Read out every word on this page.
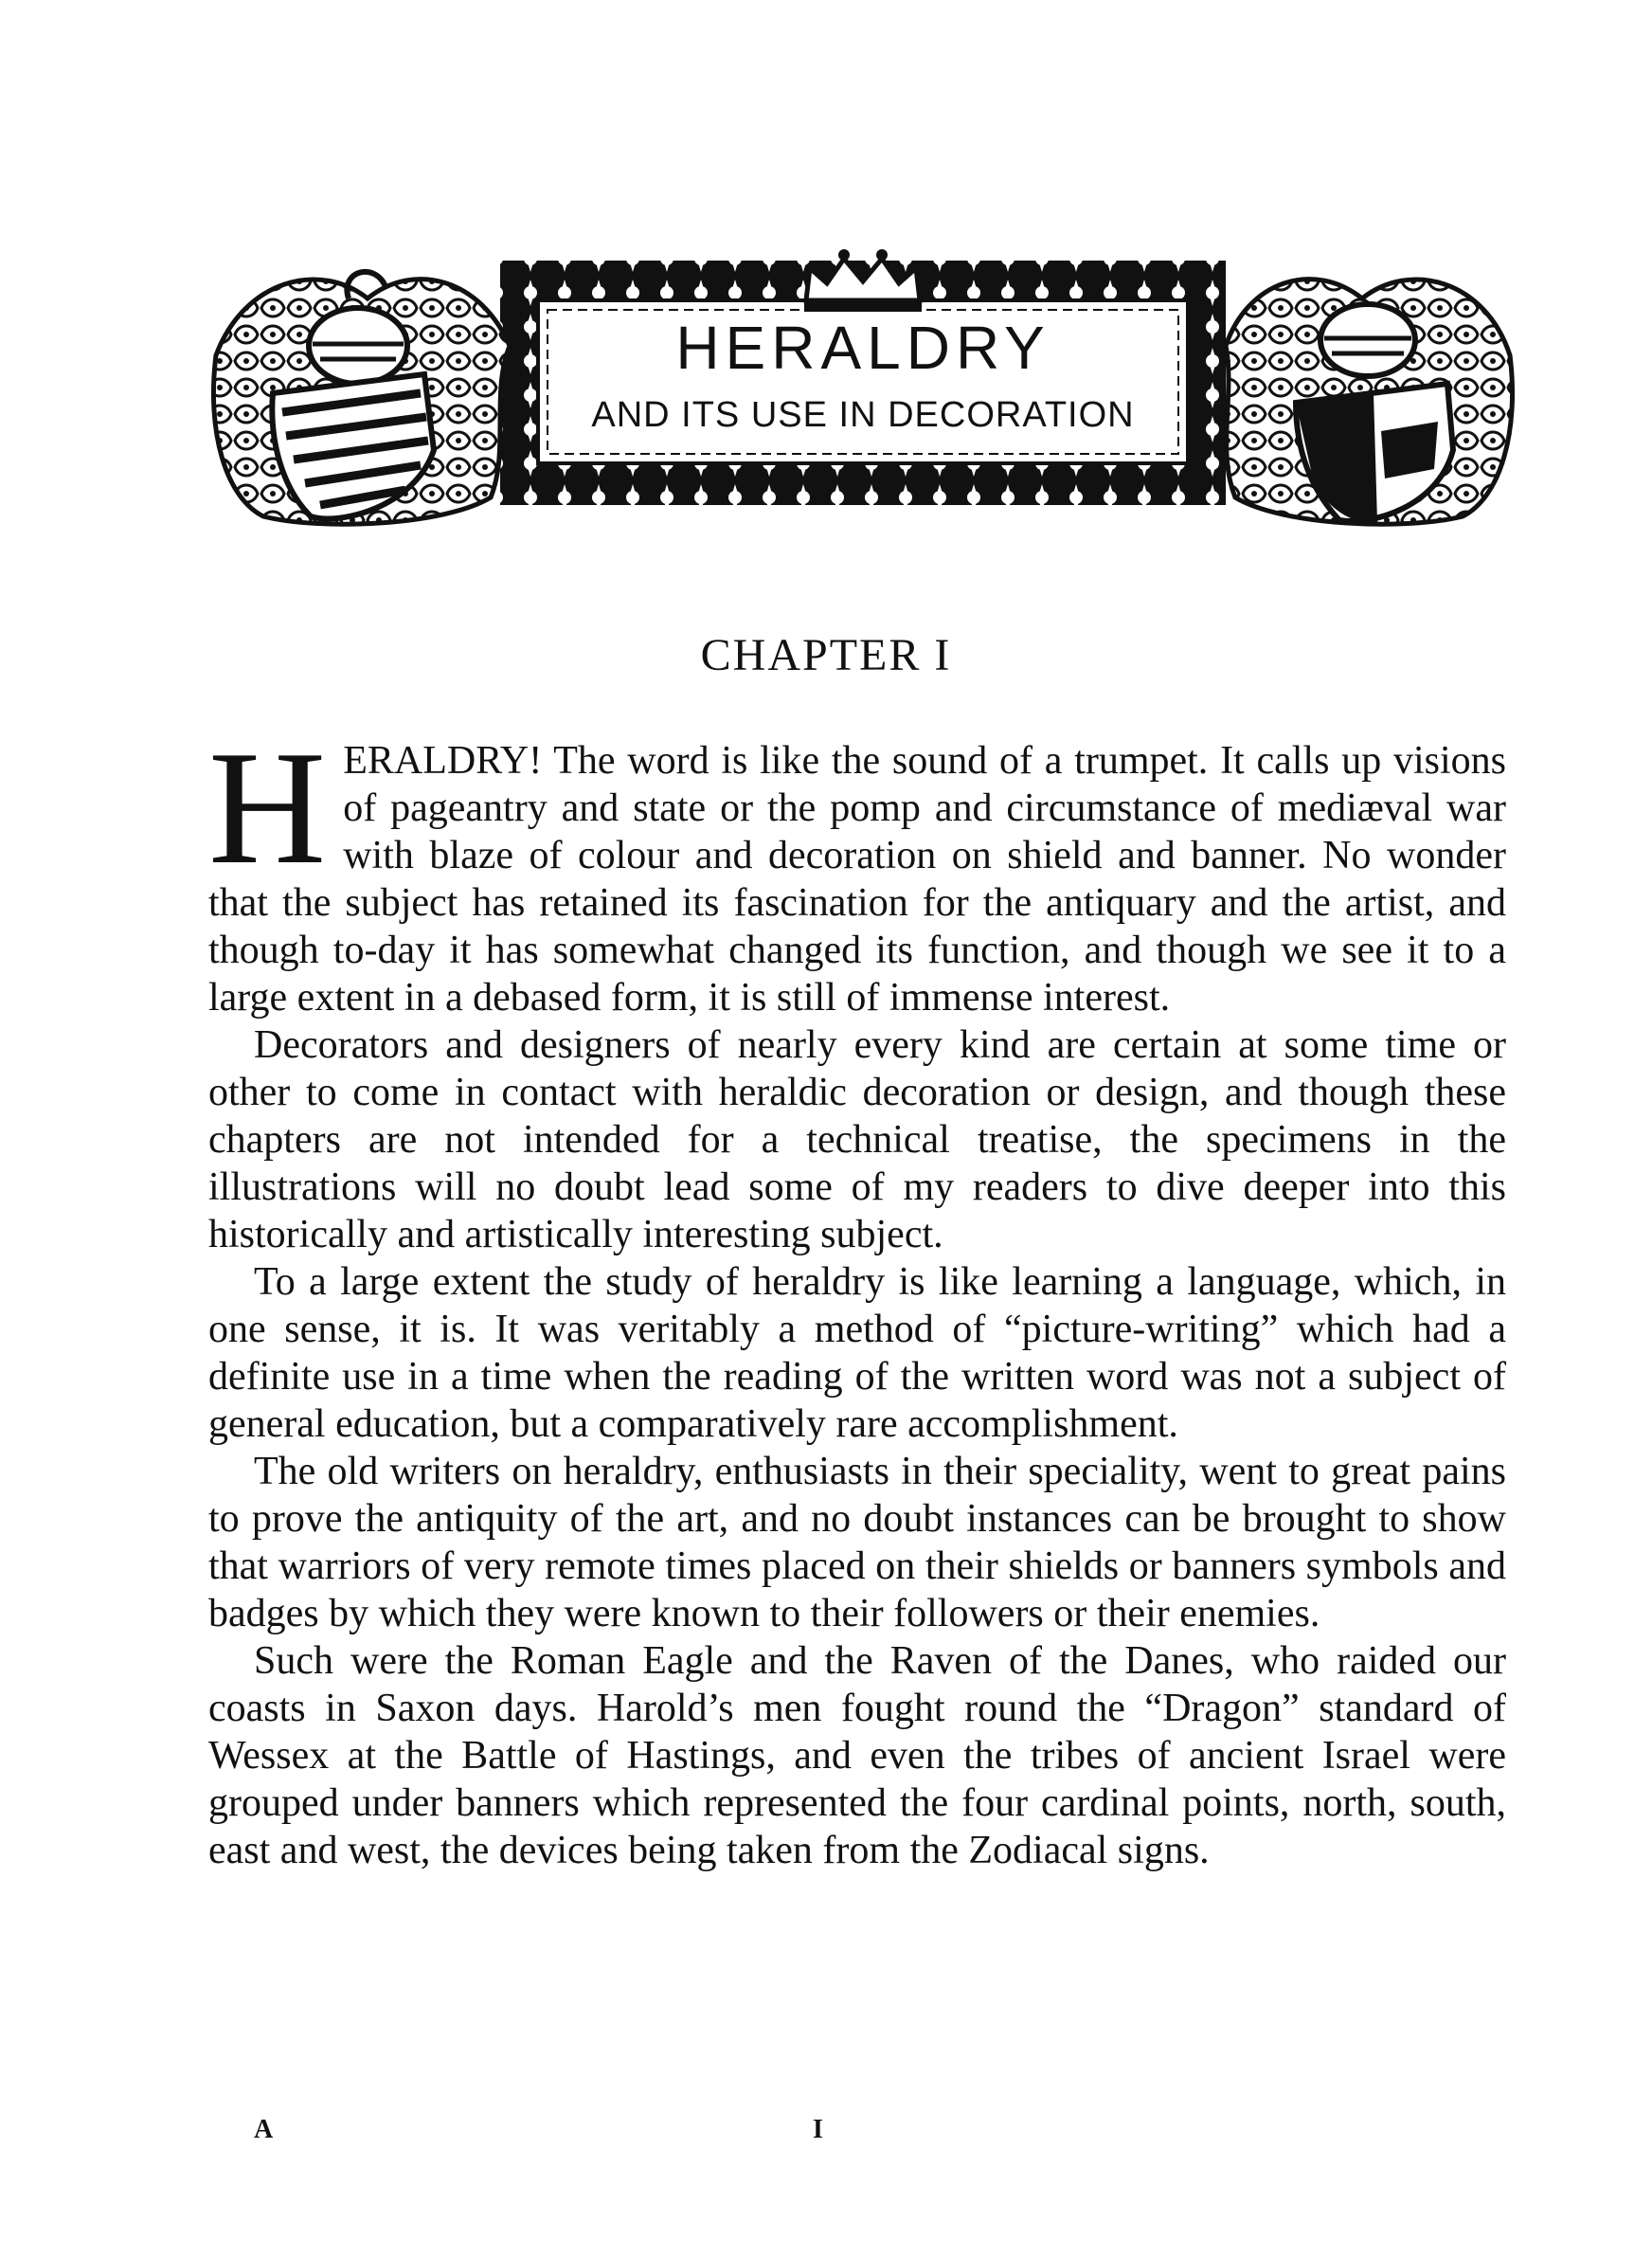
HERALDRY
AND ITS USE IN DECORATION
CHAPTER I

HERALDRY! The word is like the sound of a trumpet. It calls up visions of pageantry and state or the pomp and circumstance of mediæval war with blaze of colour and decoration on shield and banner. No wonder that the subject has retained its fascination for the antiquary and the artist, and though to-day it has somewhat changed its function, and though we see it to a large extent in a debased form, it is still of immense interest.

Decorators and designers of nearly every kind are certain at some time or other to come in contact with heraldic decoration or design, and though these chapters are not intended for a technical treatise, the specimens in the illustrations will no doubt lead some of my readers to dive deeper into this historically and artistically interesting subject.

To a large extent the study of heraldry is like learning a language, which, in one sense, it is. It was veritably a method of “picture-writing” which had a definite use in a time when the reading of the written word was not a subject of general education, but a comparatively rare accomplishment.

The old writers on heraldry, enthusiasts in their speciality, went to great pains to prove the antiquity of the art, and no doubt instances can be brought to show that warriors of very remote times placed on their shields or banners symbols and badges by which they were known to their followers or their enemies.

Such were the Roman Eagle and the Raven of the Danes, who raided our coasts in Saxon days. Harold’s men fought round the “Dragon” standard of Wessex at the Battle of Hastings, and even the tribes of ancient Israel were grouped under banners which represented the four cardinal points, north, south, east and west, the devices being taken from the Zodiacal signs.

A	I
